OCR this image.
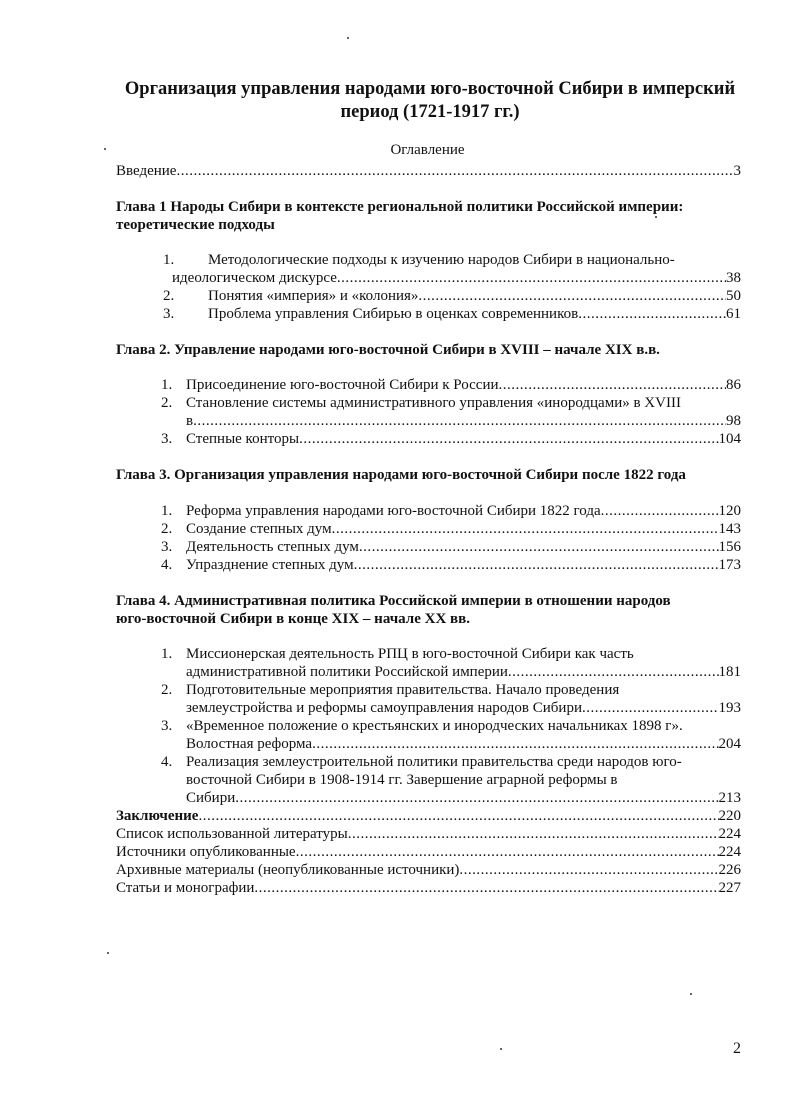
Организация управления народами юго-восточной Сибири в имперский
период (1721-1917 гг.)
Оглавление
Введение .....	3
Глава 1 Народы Сибири в контексте региональной политики Российской империи:
теоретические подходы
1. Методологические подходы к изучению народов Сибири в национально-
идеологическом дискурсе .....	38
2. Понятия «империя» и «колония» .....	50
3. Проблема управления Сибирью в оценках современников .....	61
Глава 2. Управление народами юго-восточной Сибири в XVIII – начале XIX в.в.
1. Присоединение юго-восточной Сибири к России .....	86
2. Становление системы административного управления «инородцами» в XVIII
в .....	98
3. Степные конторы .....	104
Глава 3. Организация управления народами юго-восточной Сибири после 1822 года
1. Реформа управления народами юго-восточной Сибири 1822 года .....	120
2. Создание степных дум .....	143
3. Деятельность степных дум .....	156
4. Упразднение степных дум .....	173
Глава 4. Административная политика Российской империи в отношении народов
юго-восточной Сибири в конце XIX – начале XX вв.
1. Миссионерская деятельность РПЦ в юго-восточной Сибири как часть
административной политики Российской империи .....	181
2. Подготовительные мероприятия правительства. Начало проведения
землеустройства и реформы самоуправления народов Сибири .....	193
3. «Временное положение о крестьянских и инородческих начальниках 1898 г».
Волостная реформа .....	204
4. Реализация землеустроительной политики правительства среди народов юго-
восточной Сибири в 1908-1914 гг. Завершение аграрной реформы в
Сибири .....	213
Заключение .....	220
Список использованной литературы .....	224
Источники опубликованные .....	224
Архивные материалы (неопубликованные источники) .....	226
Статьи и монографии .....	227
2
